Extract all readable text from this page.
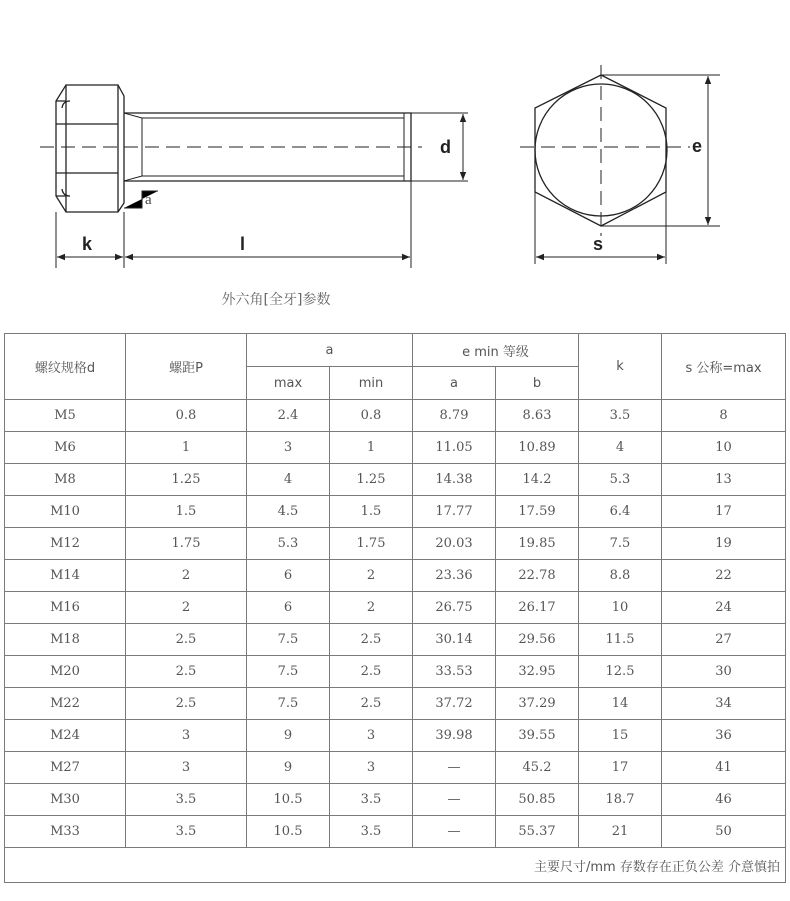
k	l
d
a
e
s
外六角[全牙]参数
螺纹规格d	螺距P	a		e min 等级		k	s 公称=max
		max	min	a	b		
M5	0.8	2.4	0.8	8.79	8.63	3.5	8
M6	1	3	1	11.05	10.89	4	10
M8	1.25	4	1.25	14.38	14.2	5.3	13
M10	1.5	4.5	1.5	17.77	17.59	6.4	17
M12	1.75	5.3	1.75	20.03	19.85	7.5	19
M14	2	6	2	23.36	22.78	8.8	22
M16	2	6	2	26.75	26.17	10	24
M18	2.5	7.5	2.5	30.14	29.56	11.5	27
M20	2.5	7.5	2.5	33.53	32.95	12.5	30
M22	2.5	7.5	2.5	37.72	37.29	14	34
M24	3	9	3	39.98	39.55	15	36
M27	3	9	3	—	45.2	17	41
M30	3.5	10.5	3.5	—	50.85	18.7	46
M33	3.5	10.5	3.5	—	55.37	21	50
主要尺寸/mm 存数存在正负公差 介意慎拍							
